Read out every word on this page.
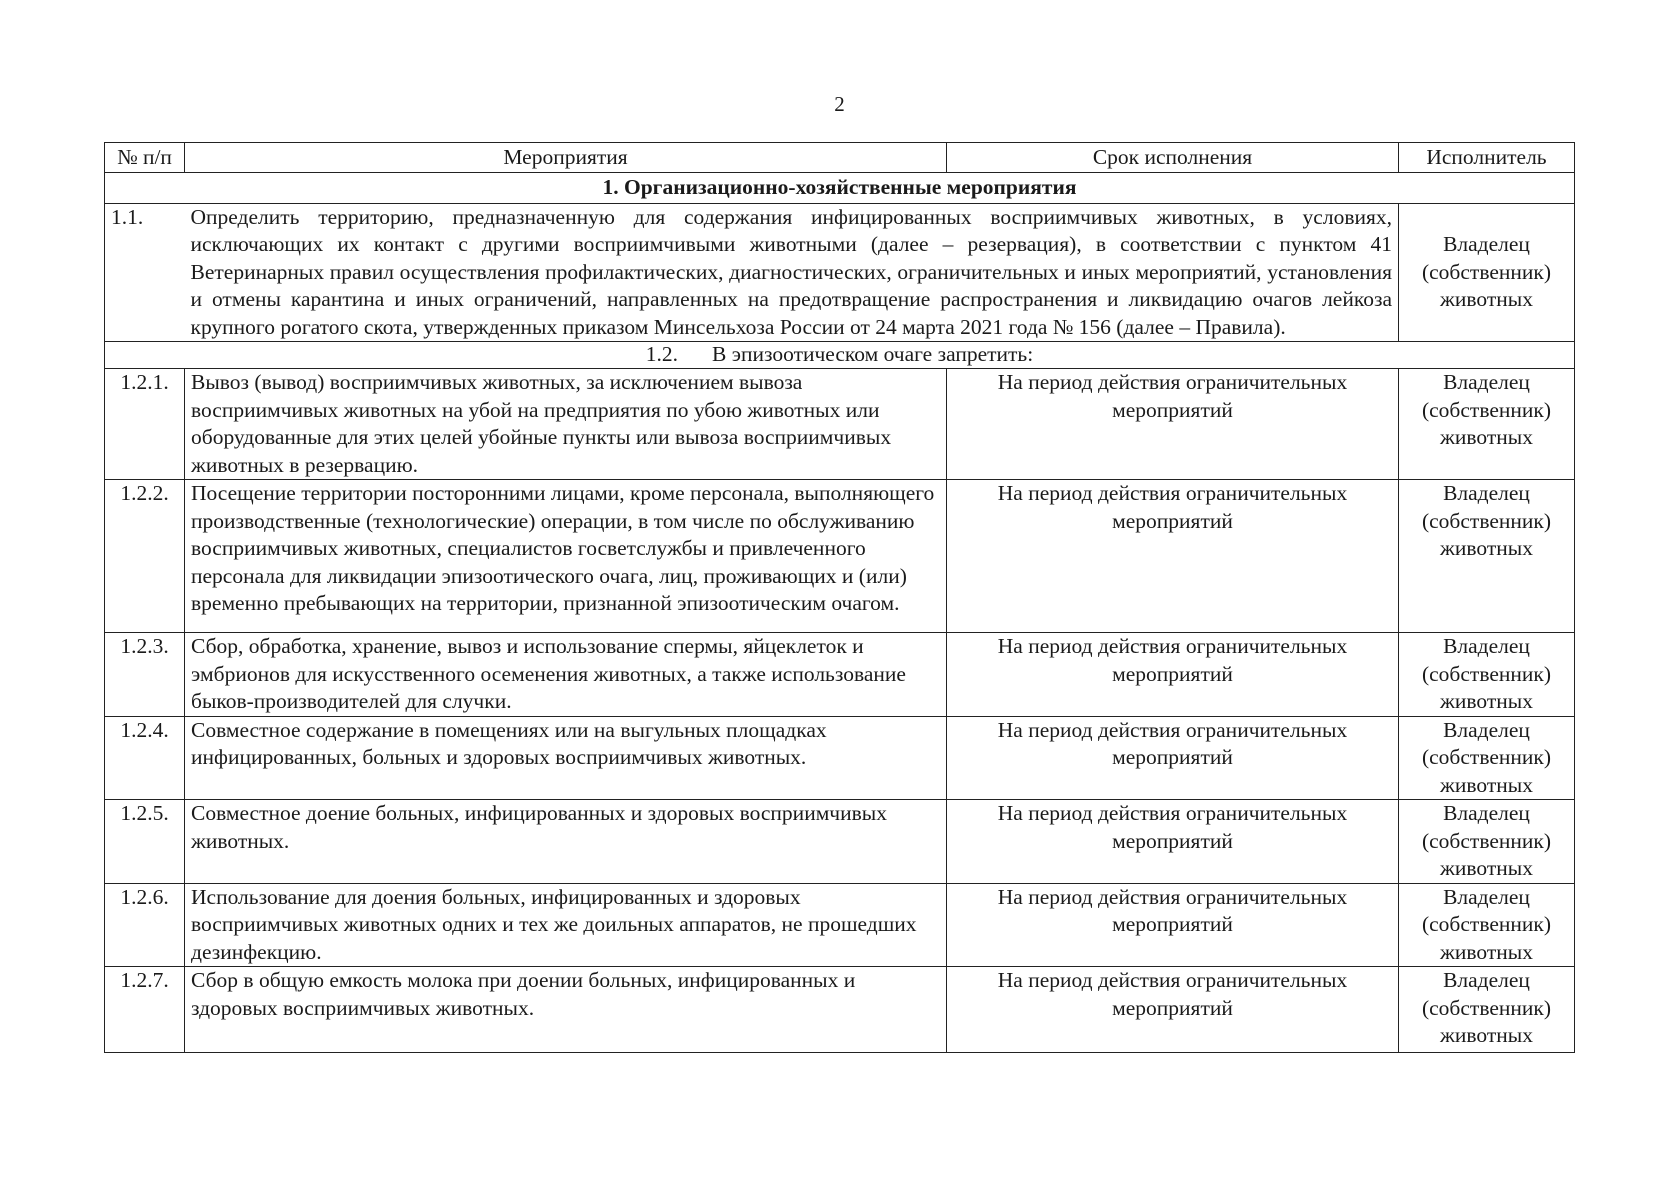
2
№ п/п	Мероприятия	Срок исполнения	Исполнитель
1. Организационно-хозяйственные мероприятия			
1.1.	Определить территорию, предназначенную для содержания инфицированных восприимчивых животных, в условиях, исключающих их контакт с другими восприимчивыми животными (далее – резервация), в соответствии с пунктом 41 Ветеринарных правил осуществления профилактических, диагностических, ограничительных и иных мероприятий, установления и отмены карантина и иных ограничений, направленных на предотвращение распространения и ликвидацию очагов лейкоза крупного рогатого скота, утвержденных приказом Минсельхоза России от 24 марта 2021 года № 156 (далее – Правила).		Владелец (собственник) животных
1.2. В эпизоотическом очаге запретить:			
1.2.1.	Вывоз (вывод) восприимчивых животных, за исключением вывоза восприимчивых животных на убой на предприятия по убою животных или оборудованные для этих целей убойные пункты или вывоза восприимчивых животных в резервацию.	На период действия ограничительных мероприятий	Владелец (собственник) животных
1.2.2.	Посещение территории посторонними лицами, кроме персонала, выполняющего производственные (технологические) операции, в том числе по обслуживанию восприимчивых животных, специалистов госветслужбы и привлеченного персонала для ликвидации эпизоотического очага, лиц, проживающих и (или) временно пребывающих на территории, признанной эпизоотическим очагом.	На период действия ограничительных мероприятий	Владелец (собственник) животных
1.2.3.	Сбор, обработка, хранение, вывоз и использование спермы, яйцеклеток и эмбрионов для искусственного осеменения животных, а также использование быков-производителей для случки.	На период действия ограничительных мероприятий	Владелец (собственник) животных
1.2.4.	Совместное содержание в помещениях или на выгульных площадках инфицированных, больных и здоровых восприимчивых животных.	На период действия ограничительных мероприятий	Владелец (собственник) животных
1.2.5.	Совместное доение больных, инфицированных и здоровых восприимчивых животных.	На период действия ограничительных мероприятий	Владелец (собственник) животных
1.2.6.	Использование для доения больных, инфицированных и здоровых восприимчивых животных одних и тех же доильных аппаратов, не прошедших дезинфекцию.	На период действия ограничительных мероприятий	Владелец (собственник) животных
1.2.7.	Сбор в общую емкость молока при доении больных, инфицированных и здоровых восприимчивых животных.	На период действия ограничительных мероприятий	Владелец (собственник) животных
